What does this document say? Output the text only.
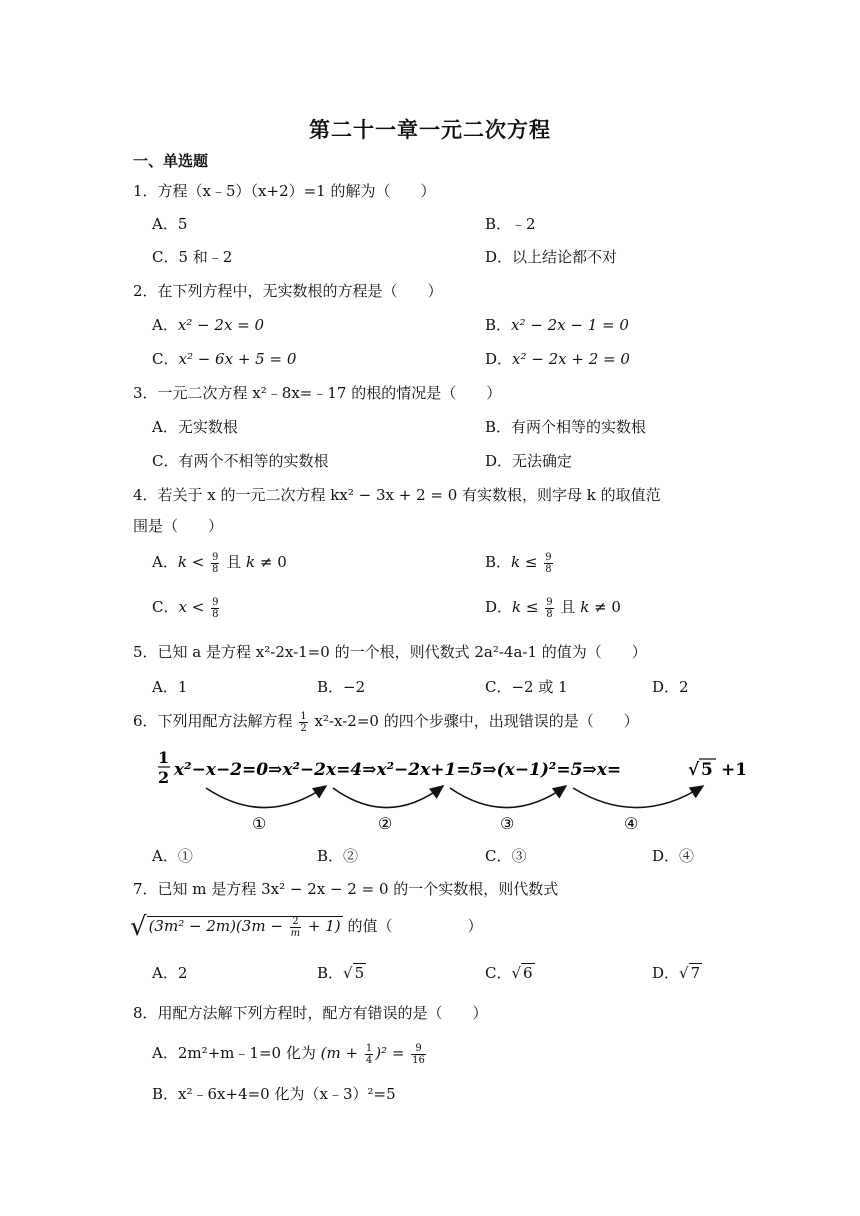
第二十一章一元二次方程
一、单选题
1．方程（x﹣5）（x+2）=1 的解为（　　）
A．5	B．﹣2
C．5 和﹣2	D．以上结论都不对
2．在下列方程中，无实数根的方程是（　　）
A．x² − 2x = 0	B．x² − 2x − 1 = 0
C．x² − 6x + 5 = 0	D．x² − 2x + 2 = 0
3．一元二次方程 x²﹣8x=﹣17 的根的情况是（　　）
A．无实数根	B．有两个相等的实数根
C．有两个不相等的实数根	D．无法确定
4．若关于 x 的一元二次方程 kx² − 3x + 2 = 0 有实数根，则字母 k 的取值范
围是（　　）
A．$k < \frac{9}{8}$ 且 k ≠ 0	B．$k \le \frac{9}{8}$
C．$x < \frac{9}{8}$	D．$k \le \frac{9}{8}$ 且 k ≠ 0
5．已知 a 是方程 x²-2x-1=0 的一个根，则代数式 2a²-4a-1 的值为（　　）
A．1	B．−2	C．−2 或 1	D．2
6．下列用配方法解方程 $\frac{1}{2} x^2-x-2=0$ 的四个步骤中，出现错误的是（　　）
1
2 x²−x−2=0⇒x²−2x=4⇒x²−2x+1=5⇒(x−1)²=5⇒x=	√ 5 +1
①	②	③	④
A．①	B．②	C．③	D．④
7．已知 m 是方程 3x² − 2x − 2 = 0 的一个实数根，则代数式
√ $(3m^2 - 2m)(3m - \frac{2}{m} + 1)$ 的值（　　　　　）
A．2	B．√ 5	C．√ 6	D．√ 7
8．用配方法解下列方程时，配方有错误的是（　　）
A．2m²+m﹣1=0 化为 $(m + \frac{1}{4} )^2 = \frac{9}{16}$
B．x²﹣6x+4=0 化为（x﹣3）²=5
